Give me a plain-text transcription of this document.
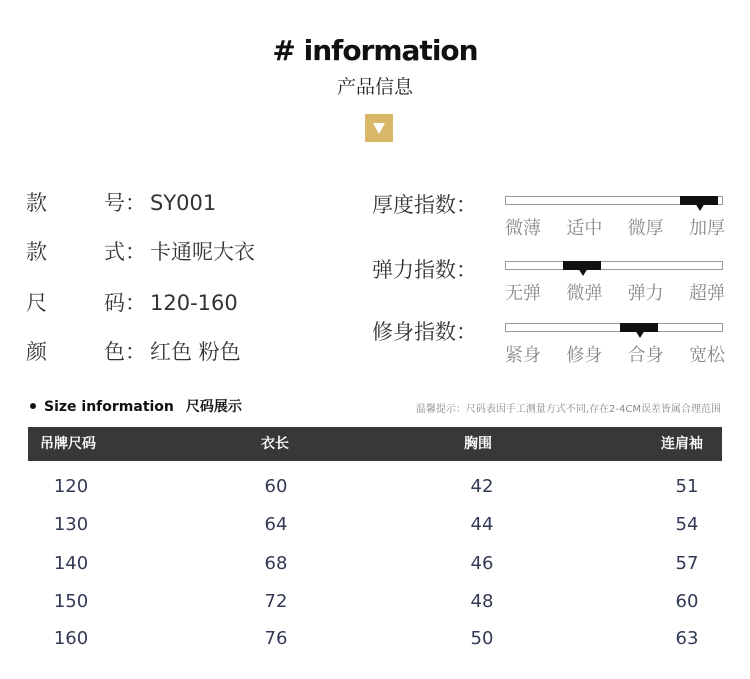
# information
产品信息
款	号： SY001
款	式： 卡通呢大衣
尺	码： 120-160
颜	色： 红色 粉色
厚度指数：
微薄 适中 微厚 加厚
弹力指数：
无弹 微弹 弹力 超弹
修身指数：
紧身 修身 合身 宽松
Size information 尺码展示	温馨提示：尺码表因手工测量方式不同,存在2-4CM误差皆属合理范围
吊牌尺码	衣长	胸围	连肩袖
120	60	42	51
130	64	44	54
140	68	46	57
150	72	48	60
160	76	50	63
